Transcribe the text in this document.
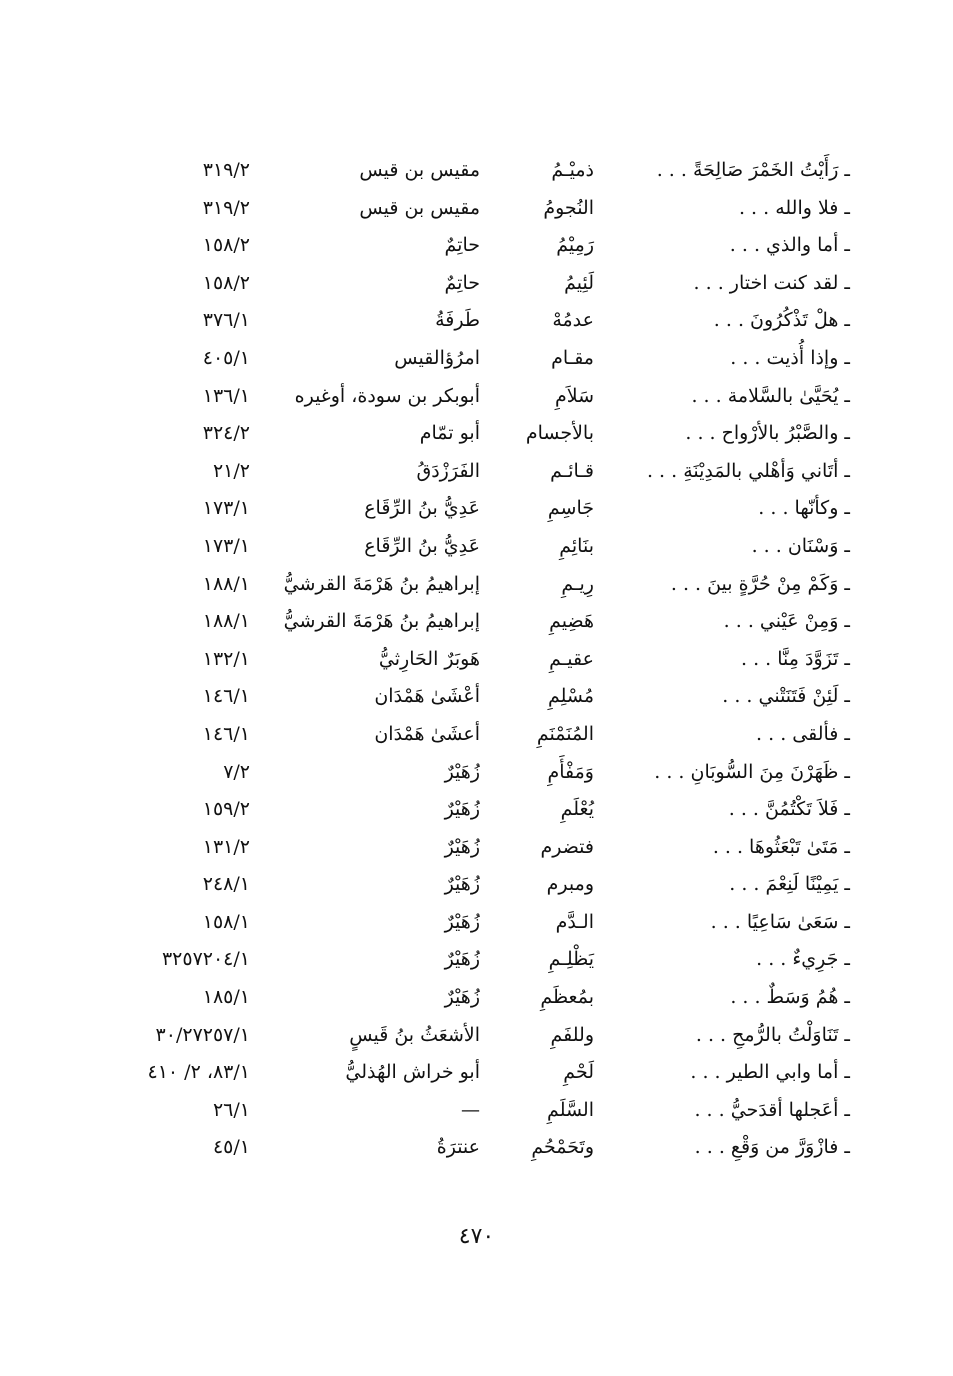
ـ رَأَيْتُ الخَمْرَ صَالِحَةً . . .
ذميْـمُ
مقيس بن قيس
٣١٩/٢
ـ فلا والله . . .
النُجومُ
مقيس بن قيس
٣١٩/٢
ـ أما والذي . . .
رَمِيْمُ
حاتِمٌ
١٥٨/٢
ـ لقد كنت اختار . . .
لَئِيمُ
حاتِمٌ
١٥٨/٢
ـ هلْ تَذْكُرُونَ . . .
عدمُهْ
طَرفَةُ
٣٧٦/١
ـ وإذا أُذيت . . .
مقـام
امرُؤالقيس
٤٠٥/١
ـ يُحَيَّىٰ بالسَّلامة . . .
سَلاَمِ
أبوبكر بن سودة، أوغيره
١٣٦/١
ـ والصَّبْرُ بالأرْواح . . .
بالأجسام
أبو تمّام
٣٢٤/٢
ـ أتَاني وَأهْلي بالمَدِيْنَةِ . . .
قـائـم
الفَرَزْدَقُ
٢١/٢
ـ وكأنّها . . .
جَاسِمِ
عَدِيُّ بنُ الرِّقَاع
١٧٣/١
ـ وَسْنَان . . .
بنَائِمِ
عَدِيُّ بنُ الرِّقَاع
١٧٣/١
ـ وَكَمْ مِنْ حُرَّةٍ بينَ . . .
رِيـمِ
إبراهيمُ بنُ هَرْمَةَ القرشيُّ
١٨٨/١
ـ وَمِنْ عَيْني . . .
هَضِيمِ
إبراهيمُ بنُ هَرْمَةَ القرشيُّ
١٨٨/١
ـ تَزَوَّدَ مِنَّا . . .
عقيـمِ
هَوبَرٌ الحَارِثيُّ
١٣٢/١
ـ لَئِنْ فَتَنَتْني . . .
مُسْلِمِ
أعْشَىٰ هَمْدَان
١٤٦/١
ـ فألقى . . .
المُنَمْنَمِ
أعشَىٰ هَمْدَان
١٤٦/١
ـ ظَهَرْنَ مِنَ السُّوبَانِ . . .
وَمَفْأَمِ
زُهَيْرٌ
٧/٢
ـ فَلاَ تَكْتُمُنَّ . . .
يُعْلَمِ
زُهَيْرٌ
١٥٩/٢
ـ مَتَىٰ تَبْعَثُوهَا . . .
فتضرم
زُهَيْرٌ
١٣١/٢
ـ يَمِيْنًا لَنِعْمَ . . .
ومبرم
زُهَيْرٌ
٢٤٨/١
ـ سَعَىٰ سَاعِيًا . . .
الـدَّم
زُهَيْرٌ
١٥٨/١
ـ جَرِيءٌ . . .
يَظْلِـمِ
زُهَيْرٌ
٣٢٥٧٢٠٤/١
ـ هُمُ وَسَطٌ . . .
بمُعظَمِ
زُهَيْرٌ
١٨٥/١
ـ تَنَاوَلْتُ بالرُّمحِ . . .
وللفَمِ
الأشعَثُ بنُ قَيسٍ
٣٠/٢٧٢٥٧/١
ـ أما وابي الطير . . .
لَحْمِ
أبو خراش الهُذليُّ
٨٣/١، ٢/ ٤١٠
ـ أعَجلها أقدَحيُّ . . .
السَّلَمِ
—
٢٦/١
ـ فازْوَرَّ من وَقْعِ . . .
وتَحَمْحُمِ
عنترَةُ
٤٥/١
٤٧٠
